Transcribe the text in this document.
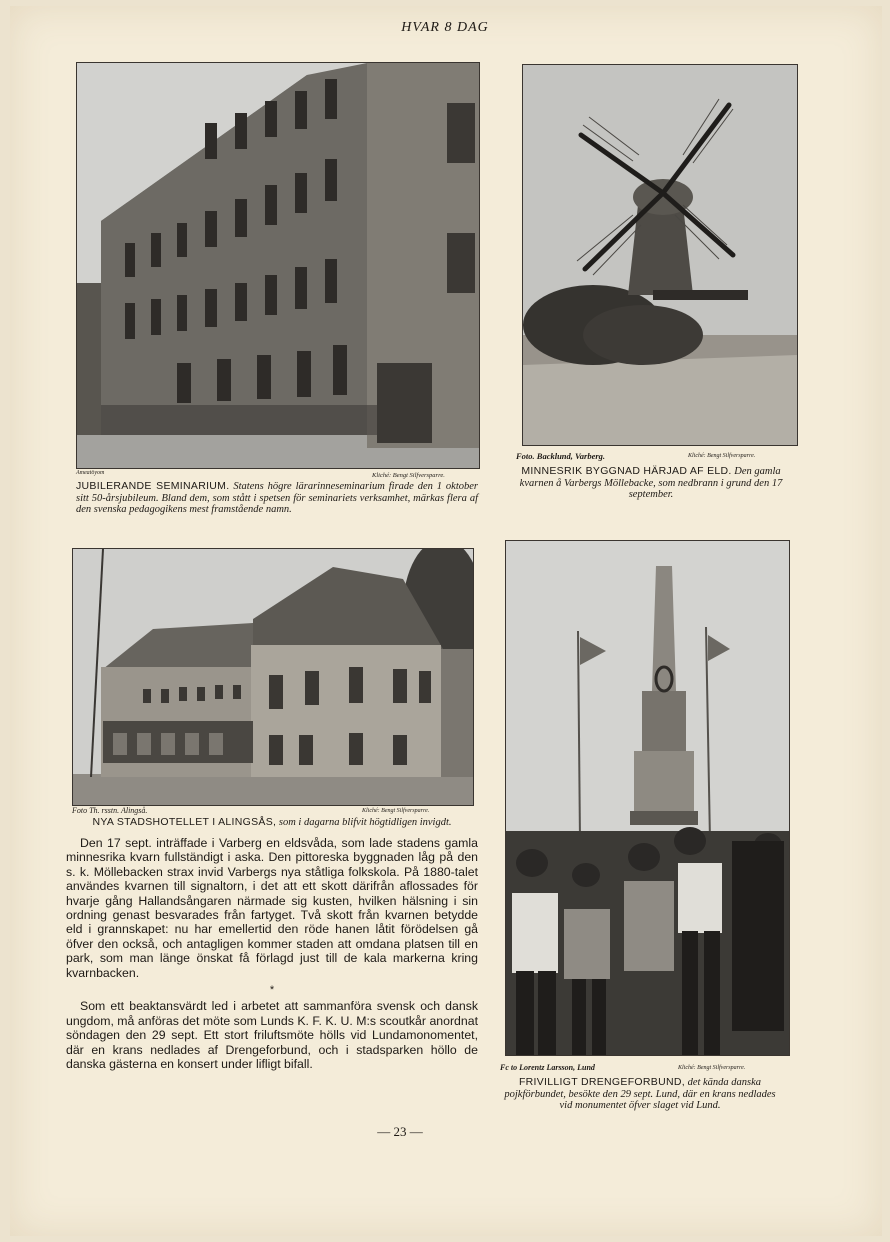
HVAR 8 DAG
Ameatöyom	Kliché: Bengt Silfversparre.
JUBILERANDE SEMINARIUM. Statens högre lärarinneseminarium firade den 1 oktober sitt 50-årsjubileum. Bland dem, som stått i spetsen för seminariets verksamhet, märkas flera af den svenska pedagogikens mest framstående namn.
Foto. Backlund, Varberg.	Kliché: Bengt Silfversparre.
MINNESRIK BYGGNAD HÄRJAD AF ELD. Den gamla kvarnen å Varbergs Möllebacke, som nedbrann i grund den 17 september.
Foto Th. rsstn. Alingså.	Kliché: Bengt Silfversparre.
NYA STADSHOTELLET I ALINGSÅS, som i dagarna blifvit högtidligen invigdt.
Fc to Lorentz Larsson, Lund	Kliché: Bengt Silfversparre.
FRIVILLIGT DRENGEFORBUND, det kända danska pojkförbundet, besökte den 29 sept. Lund, där en krans nedlades vid monumentet öfver slaget vid Lund.

Den 17 sept. inträffade i Varberg en eldsvåda, som lade stadens gamla minnesrika kvarn fullständigt i aska. Den pittoreska byggnaden låg på den s. k. Möllebacken strax invid Varbergs nya ståtliga folkskola. På 1880-talet användes kvarnen till signaltorn, i det att ett skott därifrån aflossades för hvarje gång Hallandsångaren närmade sig kusten, hvilken hälsning i sin ordning genast besvarades från fartyget. Två skott från kvarnen betydde eld i grannskapet: nu har emellertid den röde hanen låtit förödelsen gå öfver den också, och antagligen kommer staden att omdana platsen till en park, som man länge önskat få förlagd just till de kala markerna kring kvarnbacken.

*

Som ett beaktansvärdt led i arbetet att sammanföra svensk och dansk ungdom, må anföras det möte som Lunds K. F. K. U. M:s scoutkår anordnat söndagen den 29 sept. Ett stort friluftsmöte hölls vid Lundamonomentet, där en krans nedlades af Drengeforbund, och i stadsparken höllo de danska gästerna en konsert under lifligt bifall.

— 23 —
